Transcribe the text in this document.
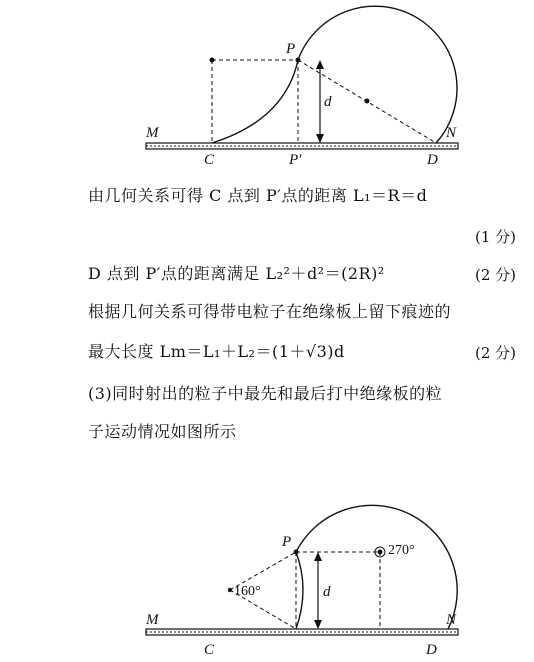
M	N
C	P′	D
P
d
由几何关系可得 C 点到 P′点的距离 L₁＝R＝d
(1 分)
D 点到 P′点的距离满足 L₂²＋d²＝(2R)²	(2 分)
根据几何关系可得带电粒子在绝缘板上留下痕迹的
最大长度 Lm＝L₁＋L₂＝(1＋√3)d	(2 分)
(3)同时射出的粒子中最先和最后打中绝缘板的粒
子运动情况如图所示
M	N
C	D
P
d
160°
270°
